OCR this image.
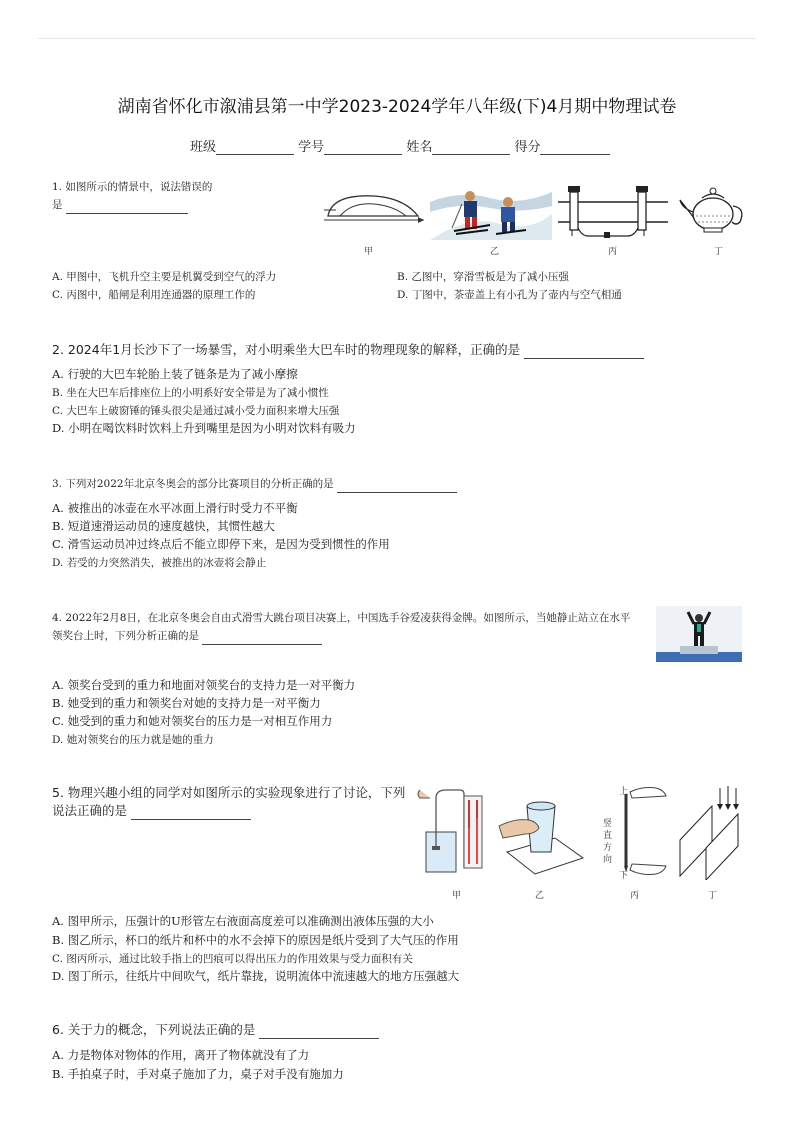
湖南省怀化市溆浦县第一中学2023-2024学年八年级(下)4月期中物理试卷
班级	学号	姓名	得分
1. 如图所示的情景中，说法错误的
是
甲	乙	丙	丁
A. 甲图中，飞机升空主要是机翼受到空气的浮力	B. 乙图中，穿滑雪板是为了减小压强
C. 丙图中，船闸是利用连通器的原理工作的	D. 丁图中，茶壶盖上有小孔为了壶内与空气相通
2. 2024年1月长沙下了一场暴雪，对小明乘坐大巴车时的物理现象的解释，正确的是
A. 行驶的大巴车轮胎上装了链条是为了减小摩擦
B. 坐在大巴车后排座位上的小明系好安全带是为了减小惯性
C. 大巴车上破窗锤的锤头很尖是通过减小受力面积来增大压强
D. 小明在喝饮料时饮料上升到嘴里是因为小明对饮料有吸力
3. 下列对2022年北京冬奥会的部分比赛项目的分析正确的是
A. 被推出的冰壶在水平冰面上滑行时受力不平衡
B. 短道速滑运动员的速度越快，其惯性越大
C. 滑雪运动员冲过终点后不能立即停下来，是因为受到惯性的作用
D. 若受的力突然消失，被推出的冰壶将会静止
4. 2022年2月8日，在北京冬奥会自由式滑雪大跳台项目决赛上，中国选手谷爱凌获得金牌。如图所示，当她静止站立在水平
领奖台上时，下列分析正确的是
A. 领奖台受到的重力和地面对领奖台的支持力是一对平衡力
B. 她受到的重力和领奖台对她的支持力是一对平衡力
C. 她受到的重力和她对领奖台的压力是一对相互作用力
D. 她对领奖台的压力就是她的重力
5. 物理兴趣小组的同学对如图所示的实验现象进行了讨论，下列
说法正确的是
甲	乙
上
下
竖
直
方
向
丙	丁
A. 图甲所示，压强计的U形管左右液面高度差可以准确测出液体压强的大小
B. 图乙所示，杯口的纸片和杯中的水不会掉下的原因是纸片受到了大气压的作用
C. 图丙所示，通过比较手指上的凹痕可以得出压力的作用效果与受力面积有关
D. 图丁所示，往纸片中间吹气，纸片靠拢，说明流体中流速越大的地方压强越大
6. 关于力的概念，下列说法正确的是
A. 力是物体对物体的作用，离开了物体就没有了力
B. 手拍桌子时，手对桌子施加了力，桌子对手没有施加力
